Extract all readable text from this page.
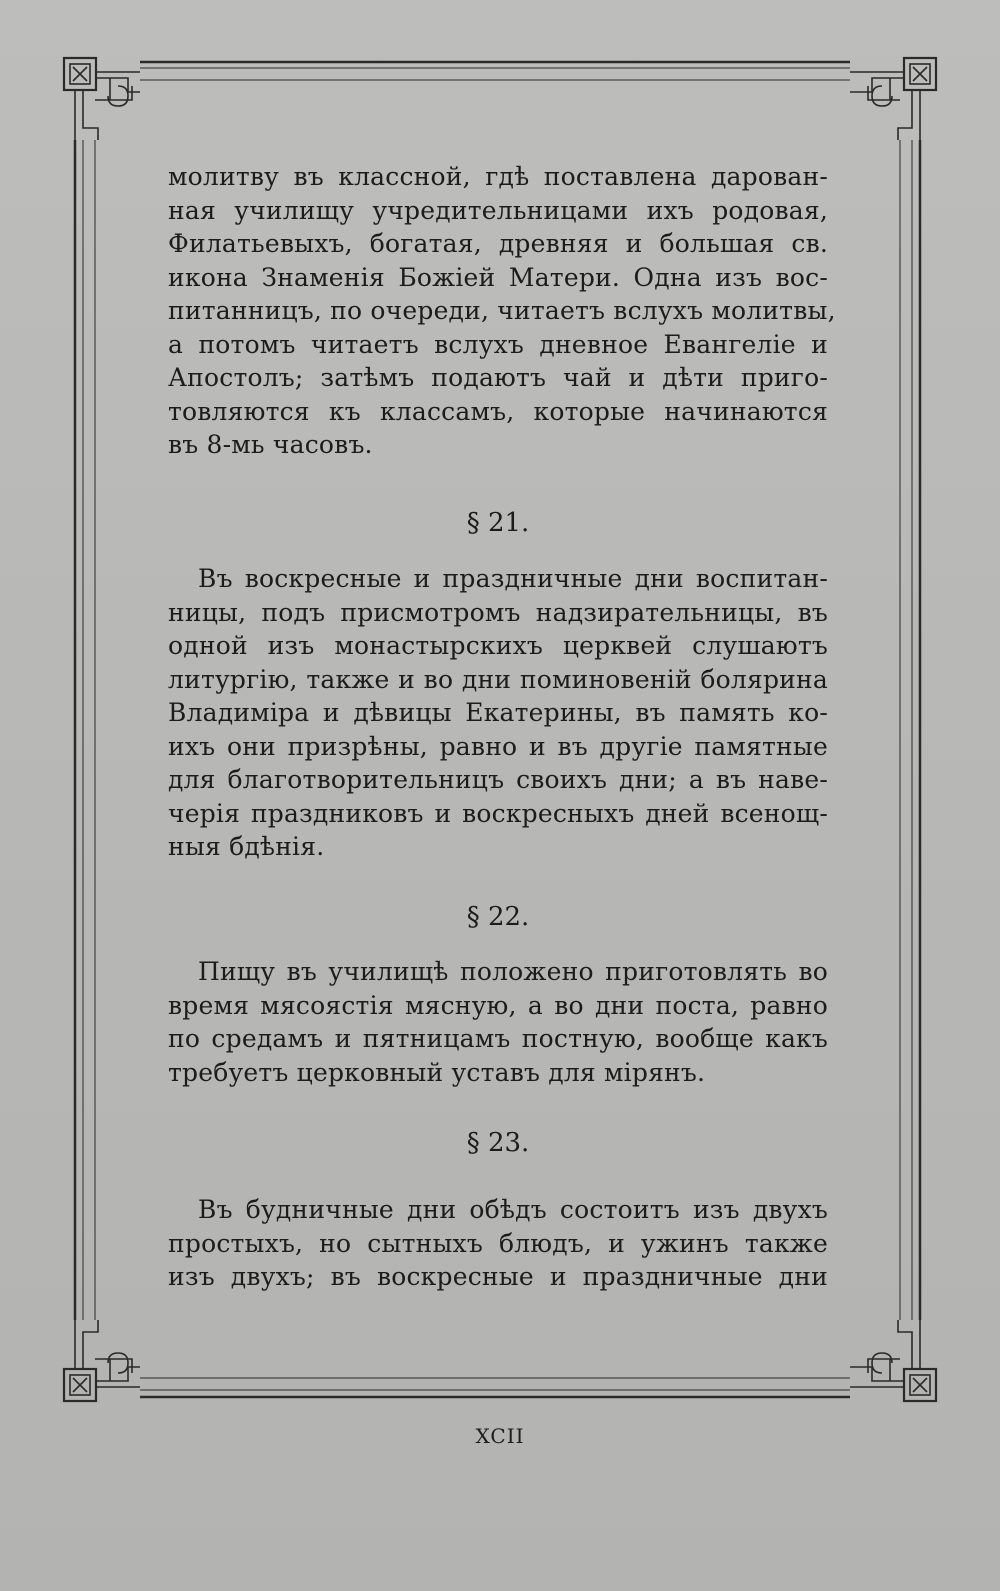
молитву въ классной, гдѣ поставлена дарован-
ная училищу учредительницами ихъ родовая,
Филатьевыхъ, богатая, древняя и большая св.
икона Знаменія Божіей Матери. Одна изъ вос-
питанницъ, по очереди, читаетъ вслухъ молитвы,
а потомъ читаетъ вслухъ дневное Евангеліе и
Апостолъ; затѣмъ подаютъ чай и дѣти приго-
товляются къ классамъ, которые начинаются
въ 8-мь часовъ.
§ 21.
Въ воскресные и праздничные дни воспитан-
ницы, подъ присмотромъ надзирательницы, въ
одной изъ монастырскихъ церквей слушаютъ
литургію, также и во дни поминовеній болярина
Владиміра и дѣвицы Екатерины, въ память ко-
ихъ они призрѣны, равно и въ другіе памятные
для благотворительницъ своихъ дни; а въ наве-
черія праздниковъ и воскресныхъ дней всенощ-
ныя бдѣнія.
§ 22.
Пищу въ училищѣ положено приготовлять во
время мясоястія мясную, а во дни поста, равно
по средамъ и пятницамъ постную, вообще какъ
требуетъ церковный уставъ для мірянъ.
§ 23.
Въ будничные дни обѣдъ состоитъ изъ двухъ
простыхъ, но сытныхъ блюдъ, и ужинъ также
изъ двухъ; въ воскресные и праздничные дни
XCII
